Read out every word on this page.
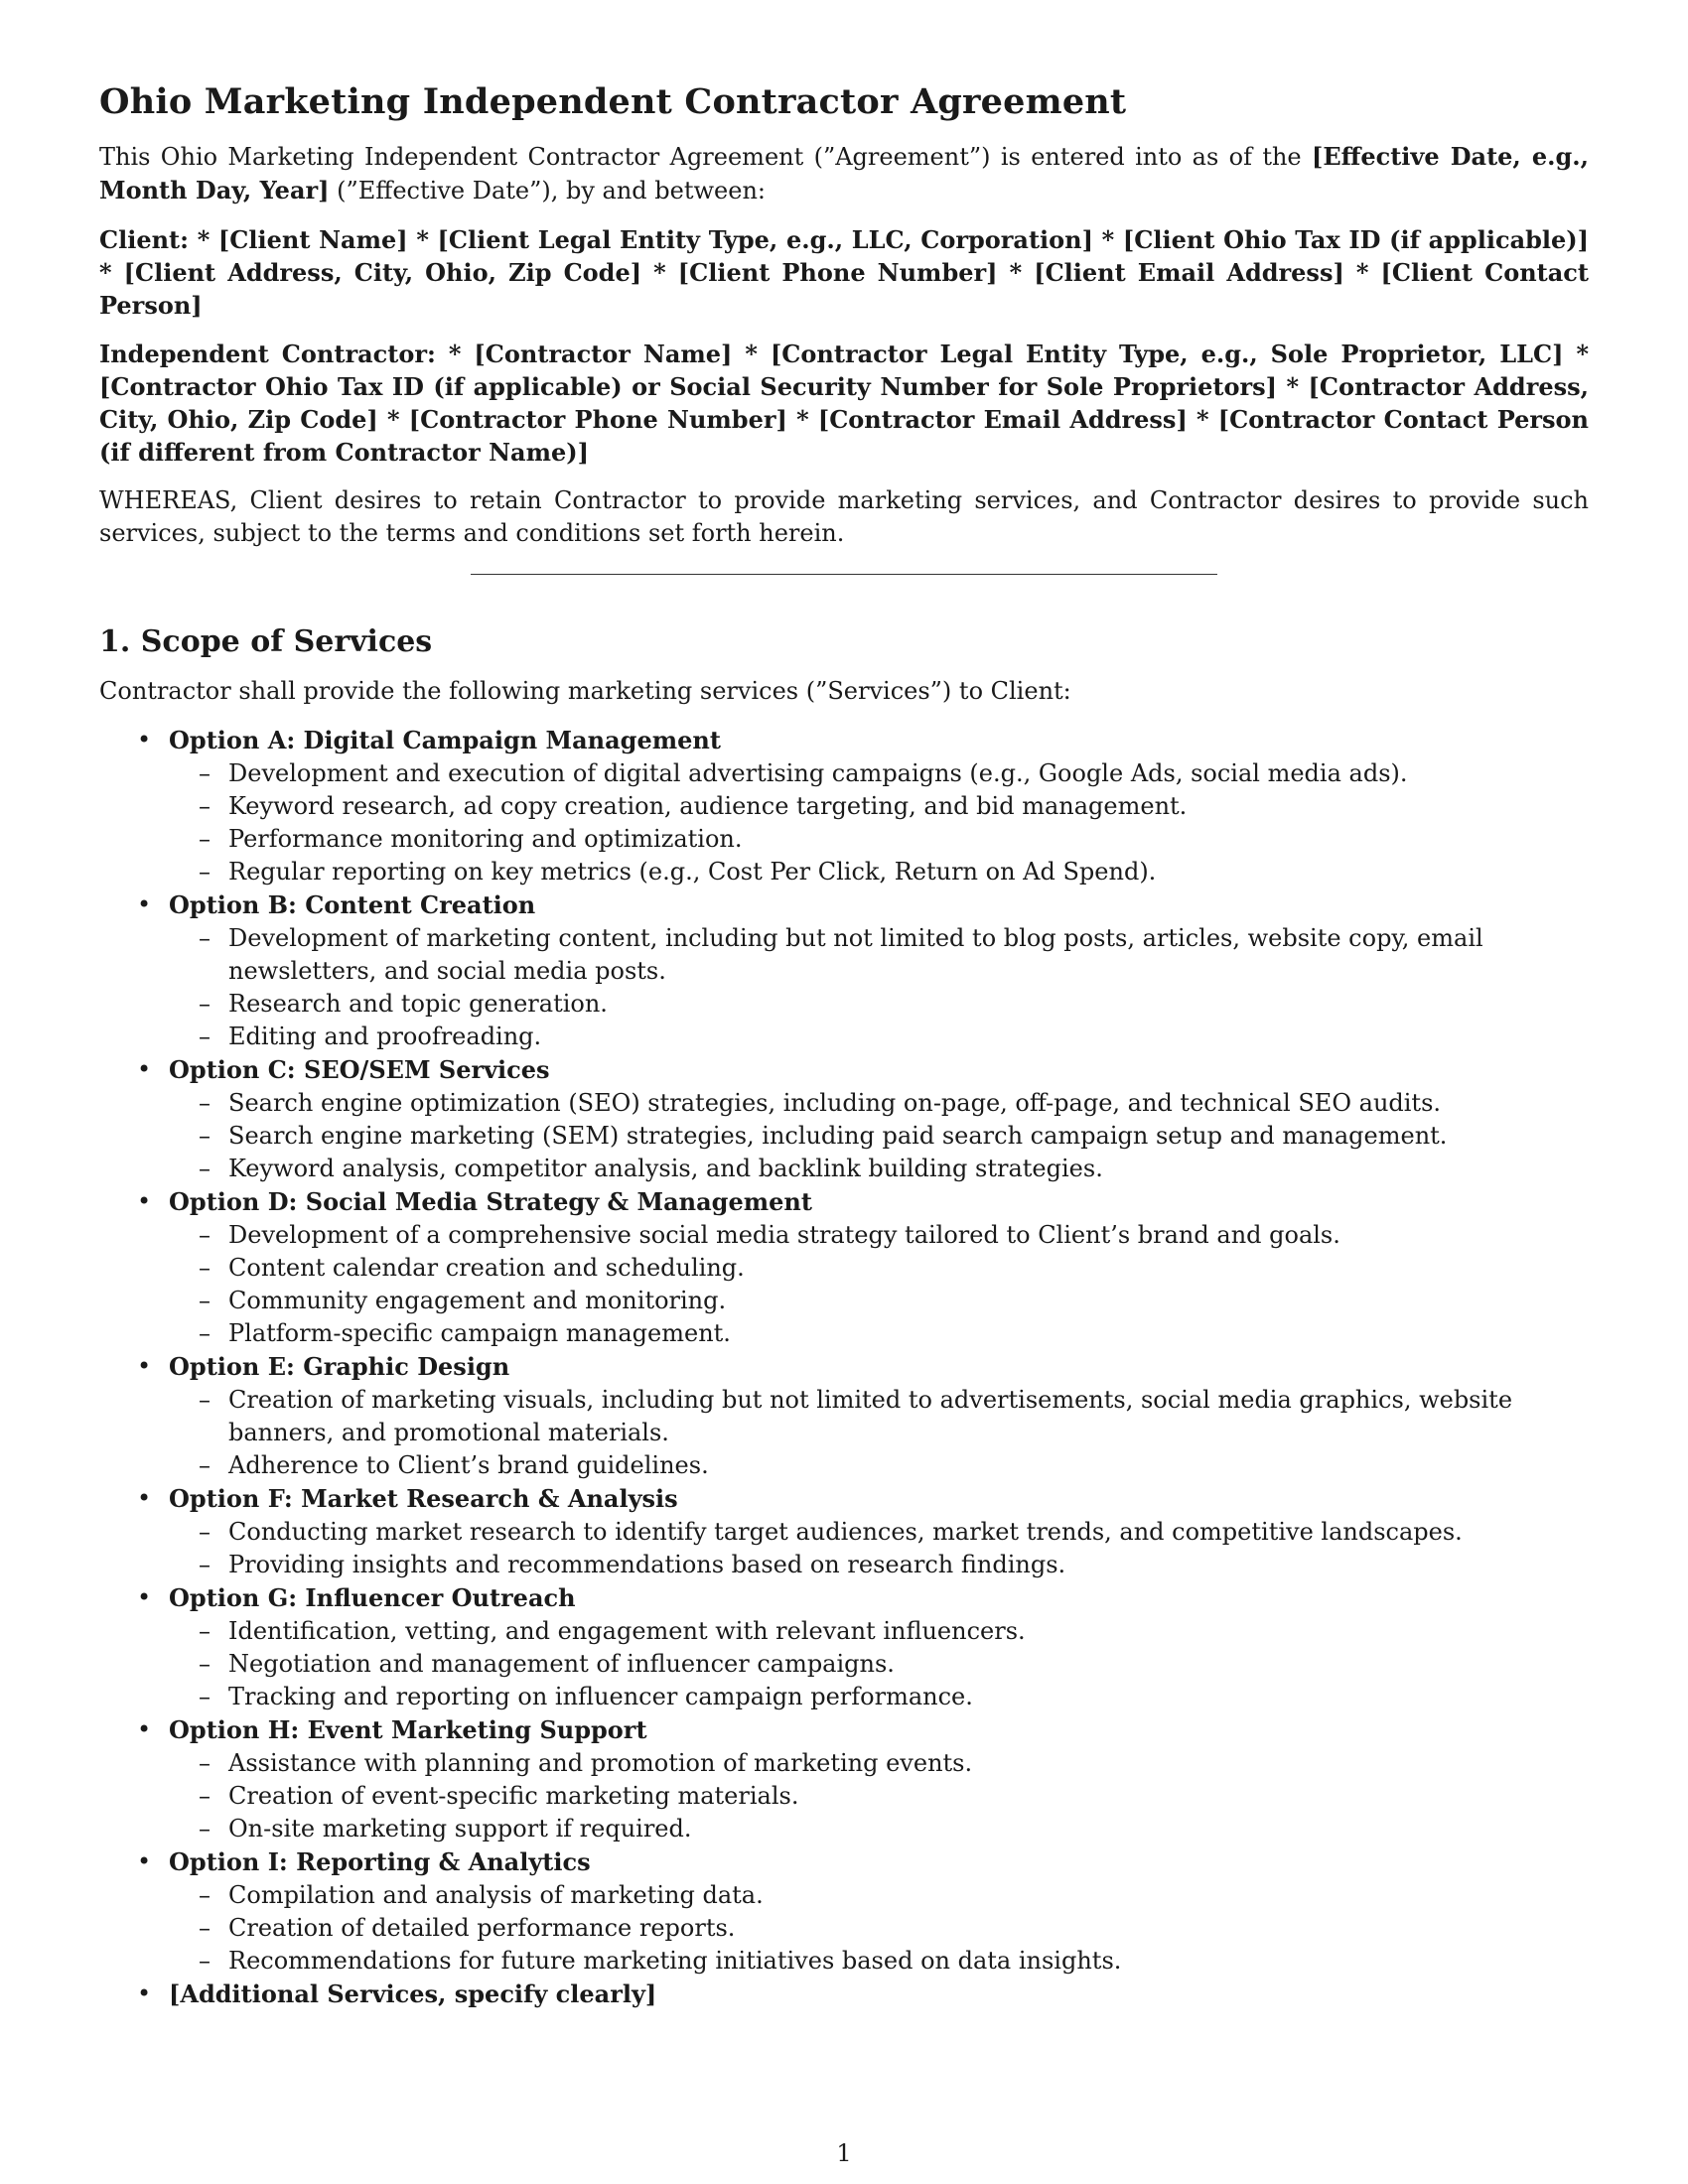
Ohio Marketing Independent Contractor Agreement

This Ohio Marketing Independent Contractor Agreement (”Agreement”) is entered into as of the [Effective Date, e.g., Month Day, Year] (”Effective Date”), by and between:

Client: * [Client Name] * [Client Legal Entity Type, e.g., LLC, Corporation] * [Client Ohio Tax ID (if applicable)] * [Client Address, City, Ohio, Zip Code] * [Client Phone Number] * [Client Email Address] * [Client Contact Person]

Independent Contractor: * [Contractor Name] * [Contractor Legal Entity Type, e.g., Sole Proprietor, LLC] * [Contractor Ohio Tax ID (if applicable) or Social Security Number for Sole Proprietors] * [Contractor Address, City, Ohio, Zip Code] * [Contractor Phone Number] * [Contractor Email Address] * [Contractor Contact Person (if different from Contractor Name)]

WHEREAS, Client desires to retain Contractor to provide marketing services, and Contractor desires to provide such services, subject to the terms and conditions set forth herein.

1. Scope of Services

Contractor shall provide the following marketing services (”Services”) to Client:

• Option A: Digital Campaign Management
– Development and execution of digital advertising campaigns (e.g., Google Ads, social media ads).
– Keyword research, ad copy creation, audience targeting, and bid management.
– Performance monitoring and optimization.
– Regular reporting on key metrics (e.g., Cost Per Click, Return on Ad Spend).
• Option B: Content Creation
– Development of marketing content, including but not limited to blog posts, articles, website copy, email newsletters, and social media posts.
– Research and topic generation.
– Editing and proofreading.
• Option C: SEO/SEM Services
– Search engine optimization (SEO) strategies, including on-page, off-page, and technical SEO audits.
– Search engine marketing (SEM) strategies, including paid search campaign setup and management.
– Keyword analysis, competitor analysis, and backlink building strategies.
• Option D: Social Media Strategy & Management
– Development of a comprehensive social media strategy tailored to Client’s brand and goals.
– Content calendar creation and scheduling.
– Community engagement and monitoring.
– Platform-specific campaign management.
• Option E: Graphic Design
– Creation of marketing visuals, including but not limited to advertisements, social media graphics, website banners, and promotional materials.
– Adherence to Client’s brand guidelines.
• Option F: Market Research & Analysis
– Conducting market research to identify target audiences, market trends, and competitive landscapes.
– Providing insights and recommendations based on research findings.
• Option G: Influencer Outreach
– Identification, vetting, and engagement with relevant influencers.
– Negotiation and management of influencer campaigns.
– Tracking and reporting on influencer campaign performance.
• Option H: Event Marketing Support
– Assistance with planning and promotion of marketing events.
– Creation of event-specific marketing materials.
– On-site marketing support if required.
• Option I: Reporting & Analytics
– Compilation and analysis of marketing data.
– Creation of detailed performance reports.
– Recommendations for future marketing initiatives based on data insights.
• [Additional Services, specify clearly]
1
